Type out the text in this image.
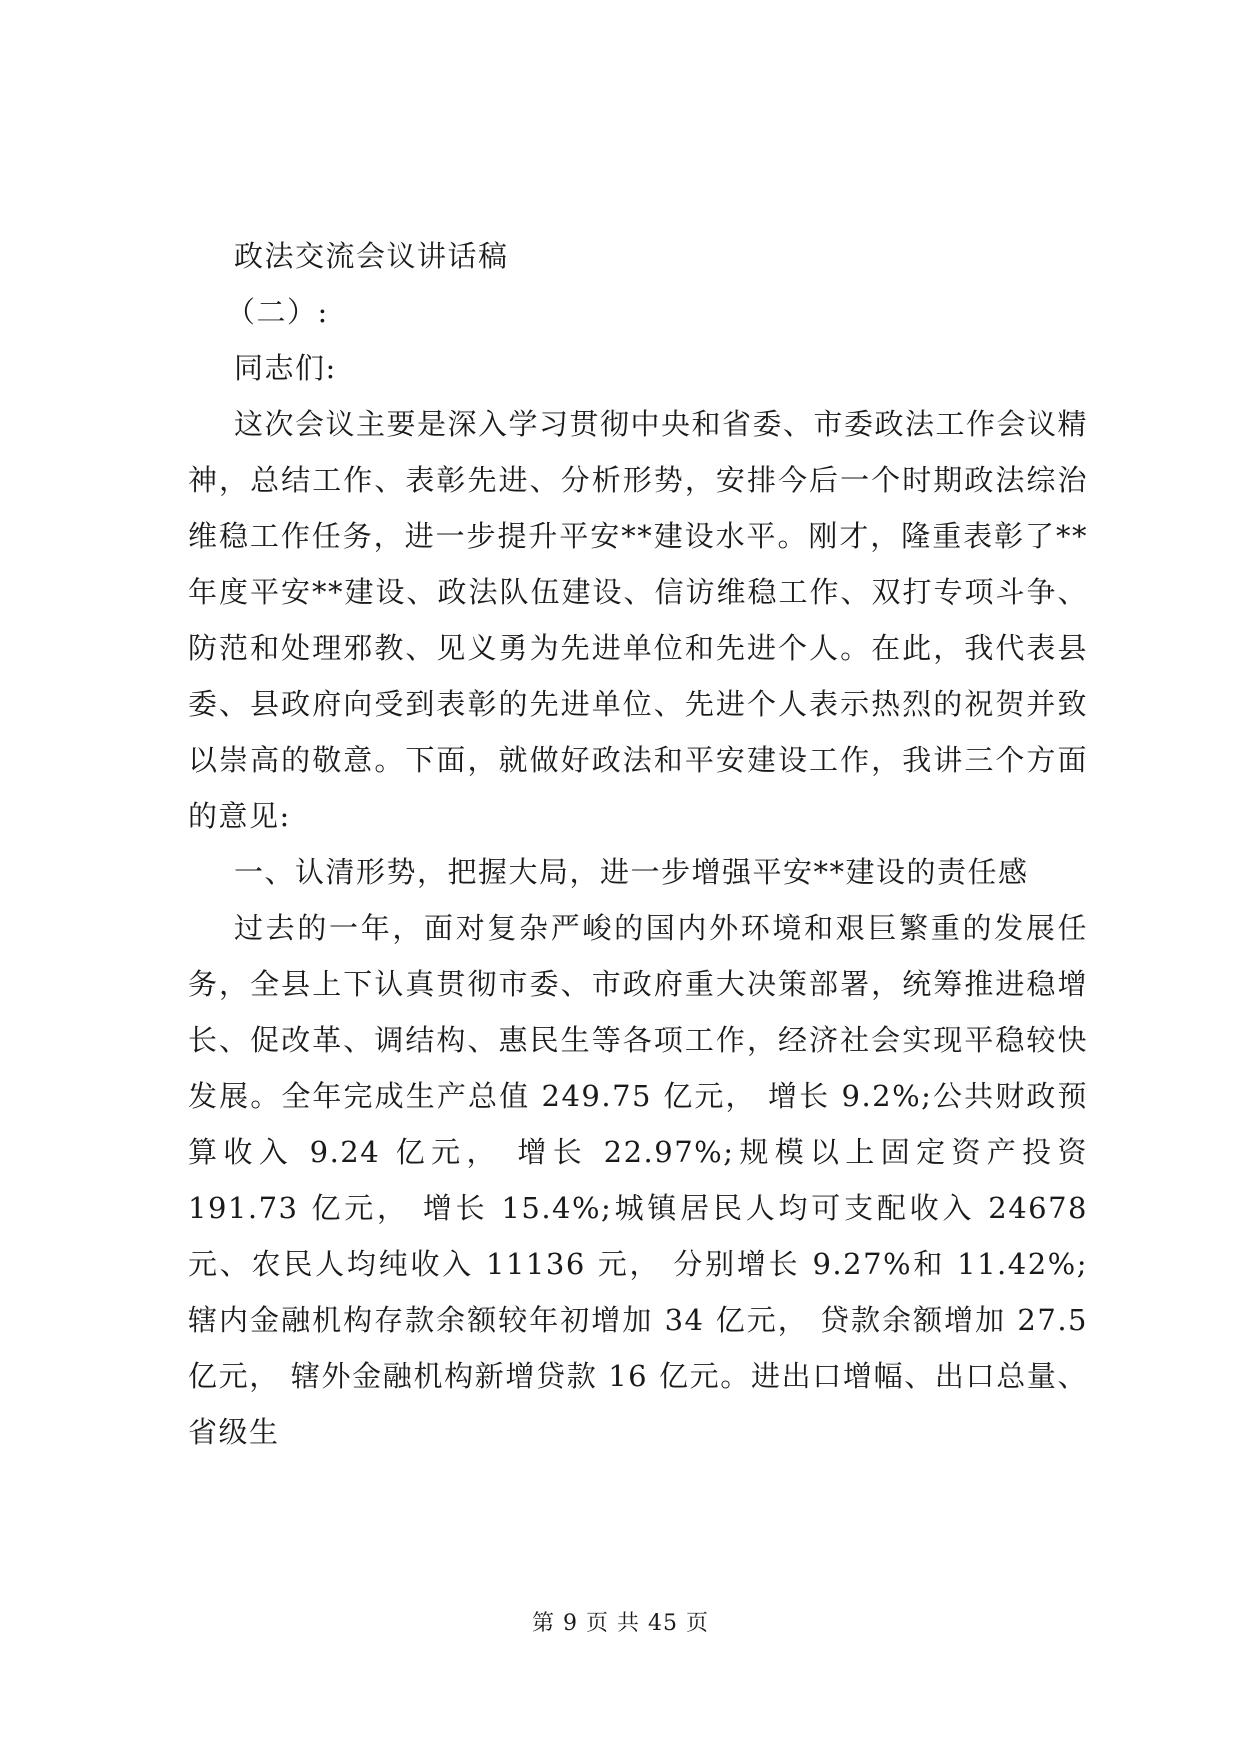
政法交流会议讲话稿

（二）:

同志们:

这次会议主要是深入学习贯彻中央和省委、市委政法工作会议精神，总结工作、表彰先进、分析形势，安排今后一个时期政法综治维稳工作任务，进一步提升平安**建设水平。刚才，隆重表彰了**年度平安**建设、政法队伍建设、信访维稳工作、双打专项斗争、防范和处理邪教、见义勇为先进单位和先进个人。在此，我代表县委、县政府向受到表彰的先进单位、先进个人表示热烈的祝贺并致以崇高的敬意。下面，就做好政法和平安建设工作，我讲三个方面的意见:

一、认清形势，把握大局，进一步增强平安**建设的责任感

过去的一年，面对复杂严峻的国内外环境和艰巨繁重的发展任务，全县上下认真贯彻市委、市政府重大决策部署，统筹推进稳增长、促改革、调结构、惠民生等各项工作，经济社会实现平稳较快发展。全年完成生产总值 249.75 亿元， 增长 9.2%;公共财政预算收入 9.24 亿元， 增长 22.97%;规模以上固定资产投资 191.73 亿元， 增长 15.4%;城镇居民人均可支配收入 24678 元、农民人均纯收入 11136 元， 分别增长 9.27%和 11.42%;辖内金融机构存款余额较年初增加 34 亿元， 贷款余额增加 27.5 亿元， 辖外金融机构新增贷款 16 亿元。进出口增幅、出口总量、省级生

第 9 页 共 45 页
